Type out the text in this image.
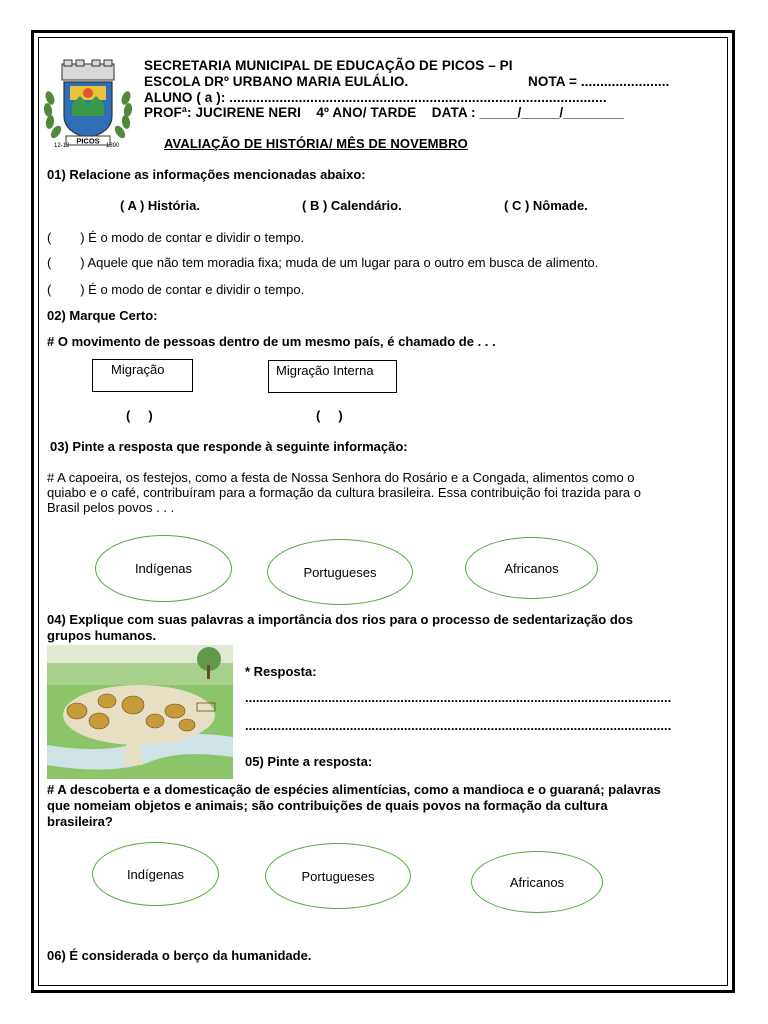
PICOS
12-12	1890
SECRETARIA MUNICIPAL DE EDUCAÇÃO DE PICOS – PI
ESCOLA DRº URBANO MARIA EULÁLIO.	NOTA = .......................
ALUNO ( a ): ..................................................................................................
PROFª: JUCIRENE NERI    4º ANO/ TARDE    DATA : _____/_____/________
AVALIAÇÃO DE HISTÓRIA/ MÊS DE NOVEMBRO
01) Relacione as informações mencionadas abaixo:
( A ) História.	( B ) Calendário.	( C ) Nômade.
(        ) É o modo de contar e dividir o tempo.
(        ) Aquele que não tem moradia fixa; muda de um lugar para o outro em busca de alimento.
(        ) É o modo de contar e dividir o tempo.
02) Marque Certo:
# O movimento de pessoas dentro de um mesmo país, é chamado de . . .
Migração	Migração Interna
(     )	(     )
03) Pinte a resposta que responde à seguinte informação:
# A capoeira, os festejos, como a festa de Nossa Senhora do Rosário e a Congada, alimentos como o
quiabo e o café, contribuíram para a formação da cultura brasileira. Essa contribuição foi trazida para o
Brasil pelos povos . . .
Indígenas	Portugueses	Africanos
04) Explique com suas palavras a importância dos rios para o processo de sedentarização dos
grupos humanos.
* Resposta:
......................................................................................................................
......................................................................................................................
05) Pinte a resposta:
# A descoberta e a domesticação de espécies alimentícias, como a mandioca e o guaraná; palavras
que nomeiam objetos e animais; são contribuições de quais povos na formação da cultura
brasileira?
Indígenas	Portugueses	Africanos
06) É considerada o berço da humanidade.
